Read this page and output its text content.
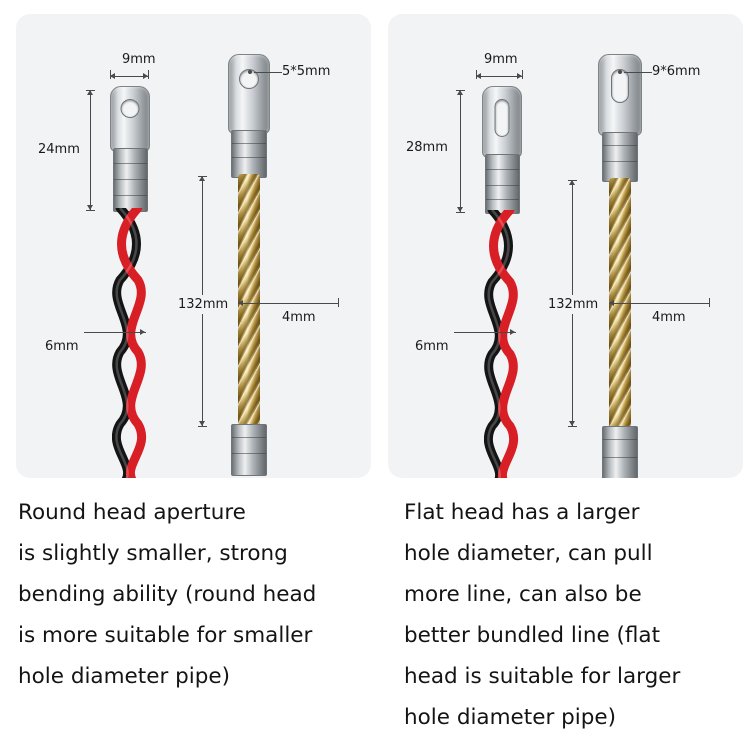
9mm
24mm
6mm
5*5mm
132mm
4mm
9mm
28mm
6mm
9*6mm
132mm
4mm
Round head aperture
is slightly smaller, strong
bending ability (round head
is more suitable for smaller
hole diameter pipe)
Flat head has a larger
hole diameter, can pull
more line, can also be
better bundled line (flat
head is suitable for larger
hole diameter pipe)
